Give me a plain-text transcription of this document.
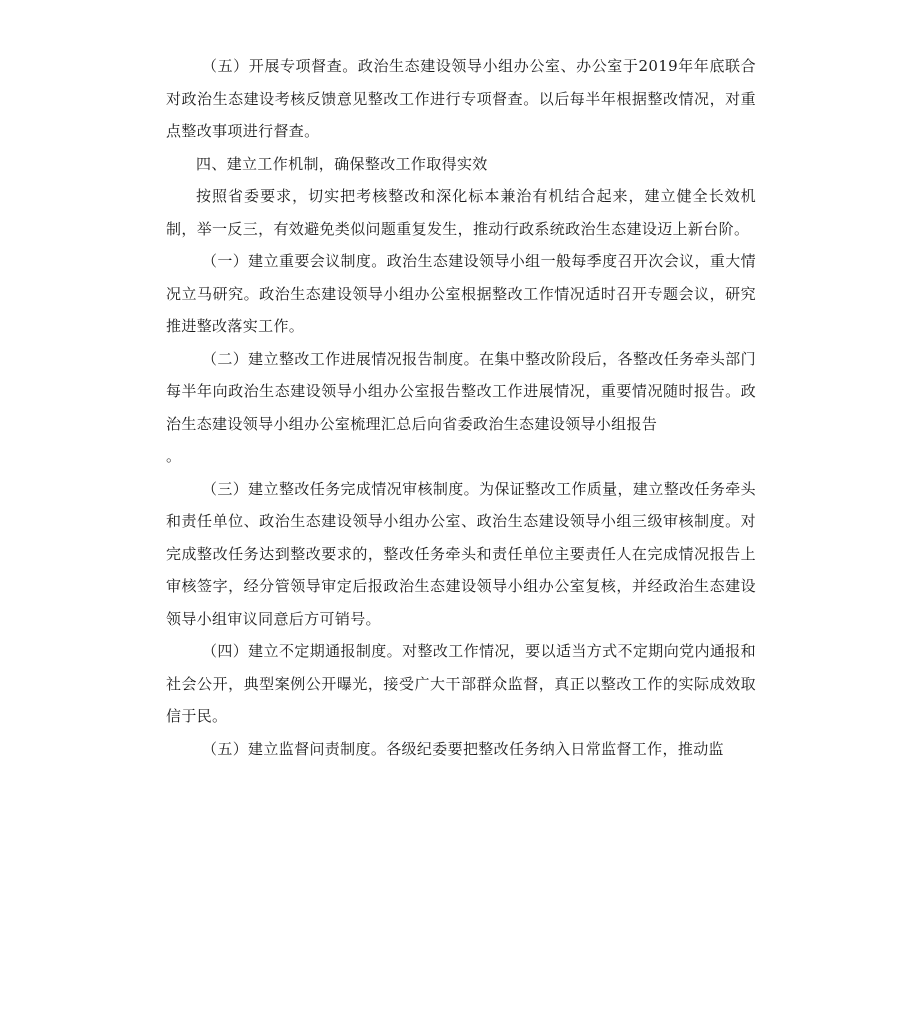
（五）开展专项督查。政治生态建设领导小组办公室、办公室于2019年年底联合对政治生态建设考核反馈意见整改工作进行专项督查。以后每半年根据整改情况，对重点整改事项进行督查。

四、建立工作机制，确保整改工作取得实效

按照省委要求，切实把考核整改和深化标本兼治有机结合起来，建立健全长效机制，举一反三，有效避免类似问题重复发生，推动行政系统政治生态建设迈上新台阶。

（一）建立重要会议制度。政治生态建设领导小组一般每季度召开次会议，重大情况立马研究。政治生态建设领导小组办公室根据整改工作情况适时召开专题会议，研究推进整改落实工作。

（二）建立整改工作进展情况报告制度。在集中整改阶段后，各整改任务牵头部门每半年向政治生态建设领导小组办公室报告整改工作进展情况，重要情况随时报告。政治生态建设领导小组办公室梳理汇总后向省委政治生态建设领导小组报告

。

（三）建立整改任务完成情况审核制度。为保证整改工作质量，建立整改任务牵头和责任单位、政治生态建设领导小组办公室、政治生态建设领导小组三级审核制度。对完成整改任务达到整改要求的，整改任务牵头和责任单位主要责任人在完成情况报告上审核签字，经分管领导审定后报政治生态建设领导小组办公室复核，并经政治生态建设领导小组审议同意后方可销号。

（四）建立不定期通报制度。对整改工作情况，要以适当方式不定期向党内通报和社会公开，典型案例公开曝光，接受广大干部群众监督，真正以整改工作的实际成效取信于民。

（五）建立监督问责制度。各级纪委要把整改任务纳入日常监督工作，推动监
